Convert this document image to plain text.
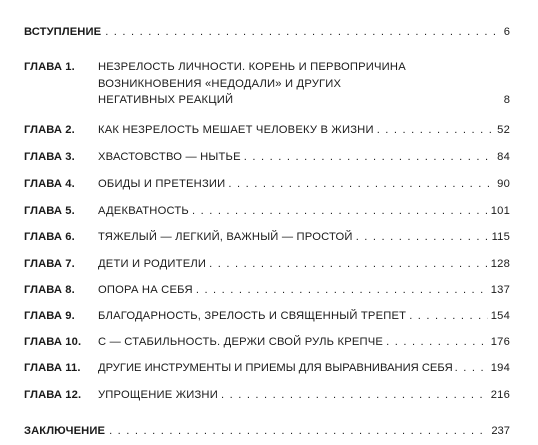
ВСТУПЛЕНИЕ . . .	6
ГЛАВА 1. НЕЗРЕЛОСТЬ ЛИЧНОСТИ. КОРЕНЬ И ПЕРВОПРИЧИНА
ВОЗНИКНОВЕНИЯ «НЕДОДАЛИ» И ДРУГИХ
НЕГАТИВНЫХ РЕАКЦИЙ	8
ГЛАВА 2. КАК НЕЗРЕЛОСТЬ МЕШАЕТ ЧЕЛОВЕКУ В ЖИЗНИ . . .	52
ГЛАВА 3. ХВАСТОВСТВО — НЫТЬЕ . . .	84
ГЛАВА 4. ОБИДЫ И ПРЕТЕНЗИИ . . .	90
ГЛАВА 5. АДЕКВАТНОСТЬ . . .	101
ГЛАВА 6. ТЯЖЕЛЫЙ — ЛЕГКИЙ, ВАЖНЫЙ — ПРОСТОЙ . . .	115
ГЛАВА 7. ДЕТИ И РОДИТЕЛИ . . .	128
ГЛАВА 8. ОПОРА НА СЕБЯ . . .	137
ГЛАВА 9. БЛАГОДАРНОСТЬ, ЗРЕЛОСТЬ И СВЯЩЕННЫЙ ТРЕПЕТ . . .	154
ГЛАВА 10. С — СТАБИЛЬНОСТЬ. ДЕРЖИ СВОЙ РУЛЬ КРЕПЧЕ . . .	176
ГЛАВА 11. ДРУГИЕ ИНСТРУМЕНТЫ И ПРИЕМЫ ДЛЯ ВЫРАВНИВАНИЯ СЕБЯ . . .	194
ГЛАВА 12. УПРОЩЕНИЕ ЖИЗНИ . . .	216
ЗАКЛЮЧЕНИЕ . . .	237
